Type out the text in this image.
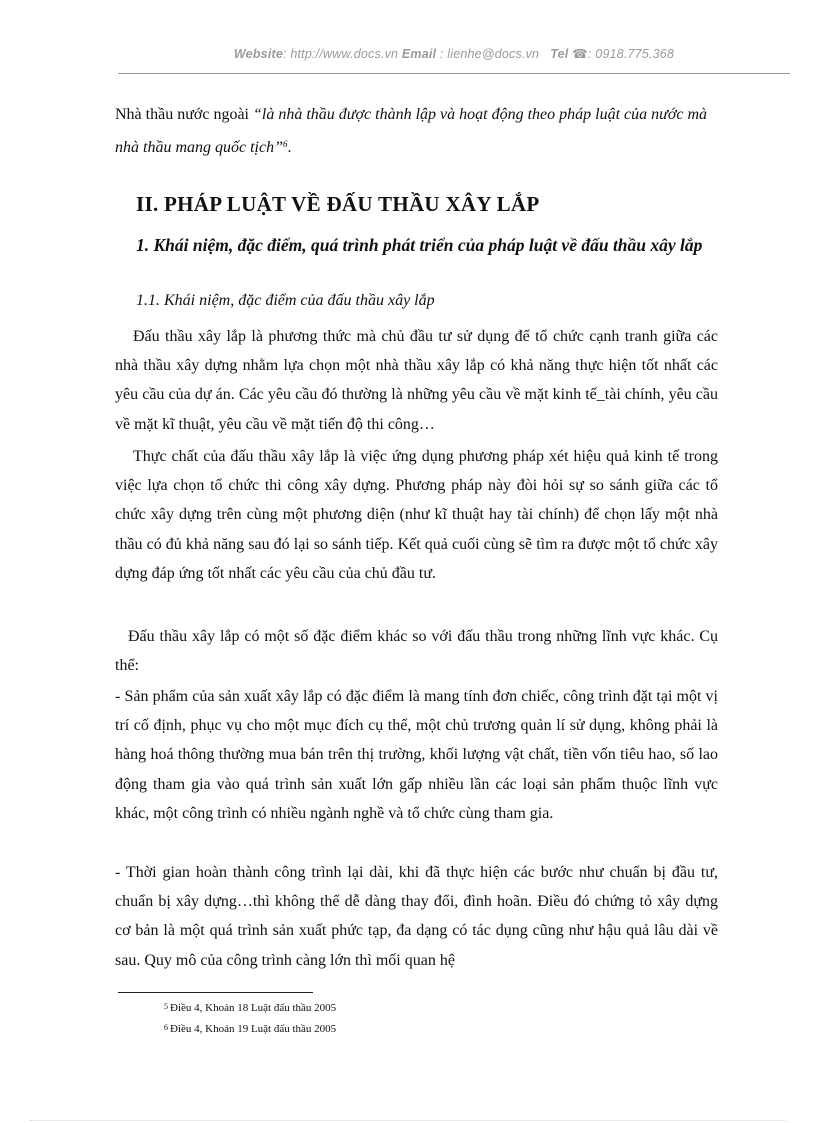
Website: http://www.docs.vn Email : lienhe@docs.vn Tel ☎: 0918.775.368
Nhà thầu nước ngoài “là nhà thầu được thành lập và hoạt động theo pháp luật của nước mà nhà thầu mang quốc tịch”$^6$.
II. PHÁP LUẬT VỀ ĐẤU THẦU XÂY LẮP
1. Khái niệm, đặc điểm, quá trình phát triển của pháp luật về đấu thầu xây lắp
1.1. Khái niệm, đặc điểm của đấu thầu xây lắp
Đấu thầu xây lắp là phương thức mà chủ đầu tư sử dụng để tổ chức cạnh tranh giữa các nhà thầu xây dựng nhằm lựa chọn một nhà thầu xây lắp có khả năng thực hiện tốt nhất các yêu cầu của dự án. Các yêu cầu đó thường là những yêu cầu về mặt kinh tế_tài chính, yêu cầu về mặt kĩ thuật, yêu cầu về mặt tiến độ thi công…
Thực chất của đấu thầu xây lắp là việc ứng dụng phương pháp xét hiệu quả kinh tế trong việc lựa chọn tổ chức thi công xây dựng. Phương pháp này đòi hỏi sự so sánh giữa các tổ chức xây dựng trên cùng một phương diện (như kĩ thuật hay tài chính) để chọn lấy một nhà thầu có đủ khả năng sau đó lại so sánh tiếp. Kết quả cuối cùng sẽ tìm ra được một tổ chức xây dựng đáp ứng tốt nhất các yêu cầu của chủ đầu tư.
Đấu thầu xây lắp có một số đặc điểm khác so với đấu thầu trong những lĩnh vực khác. Cụ thể:
- Sản phẩm của sản xuất xây lắp có đặc điểm là mang tính đơn chiếc, công trình đặt tại một vị trí cố định, phục vụ cho một mục đích cụ thể, một chủ trương quản lí sử dụng, không phải là hàng hoá thông thường mua bán trên thị trường, khối lượng vật chất, tiền vốn tiêu hao, số lao động tham gia vào quá trình sản xuất lớn gấp nhiều lần các loại sản phẩm thuộc lĩnh vực khác, một công trình có nhiều ngành nghề và tổ chức cùng tham gia.
- Thời gian hoàn thành công trình lại dài, khi đã thực hiện các bước như chuẩn bị đầu tư, chuẩn bị xây dựng…thì không thể dễ dàng thay đổi, đình hoãn. Điều đó chứng tỏ xây dựng cơ bản là một quá trình sản xuất phức tạp, đa dạng có tác dụng cũng như hậu quả lâu dài về sau. Quy mô của công trình càng lớn thì mối quan hệ
$^5$ Điều 4, Khoản 18 Luật đấu thầu 2005
$^6$ Điều 4, Khoản 19 Luật đấu thầu 2005
